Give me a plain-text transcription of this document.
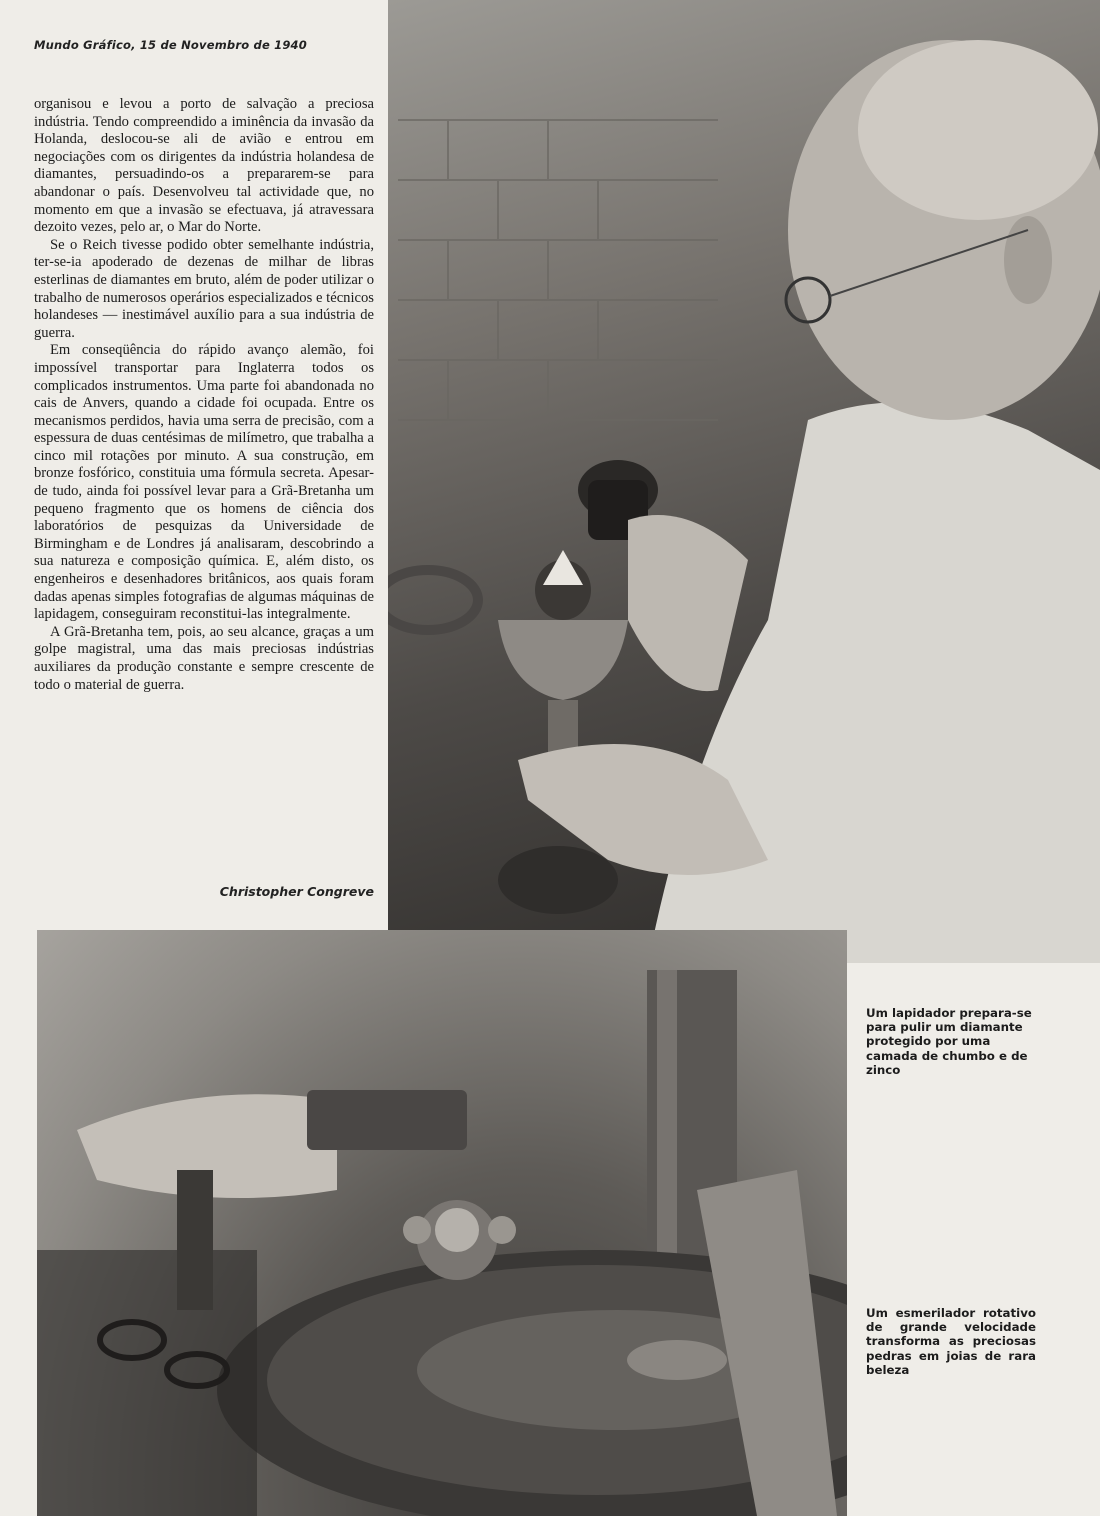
Mundo Gráfico, 15 de Novembro de 1940

organisou e levou a porto de salvação a preciosa indústria. Tendo compreendido a iminência da invasão da Holanda, deslocou-se ali de avião e entrou em negociações com os dirigentes da indústria holandesa de diamantes, persuadindo-os a prepararem-se para abandonar o país. Desenvolveu tal actividade que, no momento em que a invasão se efectuava, já atravessara dezoito vezes, pelo ar, o Mar do Norte.

Se o Reich tivesse podido obter semelhante indústria, ter-se-ia apoderado de dezenas de milhar de libras esterlinas de diamantes em bruto, além de poder utilizar o trabalho de numerosos operários especializados e técnicos holandeses — inestimável auxílio para a sua indústria de guerra.

Em conseqüência do rápido avanço alemão, foi impossível transportar para Inglaterra todos os complicados instrumentos. Uma parte foi abandonada no cais de Anvers, quando a cidade foi ocupada. Entre os mecanismos perdidos, havia uma serra de precisão, com a espessura de duas centésimas de milímetro, que trabalha a cinco mil rotações por minuto. A sua construção, em bronze fosfórico, constituia uma fórmula secreta. Apesar-de tudo, ainda foi possível levar para a Grã-Bretanha um pequeno fragmento que os homens de ciência dos laboratórios de pesquizas da Universidade de Birmingham e de Londres já analisaram, descobrindo a sua natureza e composição química. E, além disto, os engenheiros e desenhadores britânicos, aos quais foram dadas apenas simples fotografias de algumas máquinas de lapidagem, conseguiram reconstitui-las integralmente.

A Grã-Bretanha tem, pois, ao seu alcance, graças a um golpe magistral, uma das mais preciosas indústrias auxiliares da produção constante e sempre crescente de todo o material de guerra.

Christopher Congreve
Um lapidador prepara-se para pulir um diamante protegido por uma camada de chumbo e de zinco
Um esmerilador rotativo de grande velocidade transforma as preciosas pedras em joias de rara beleza
